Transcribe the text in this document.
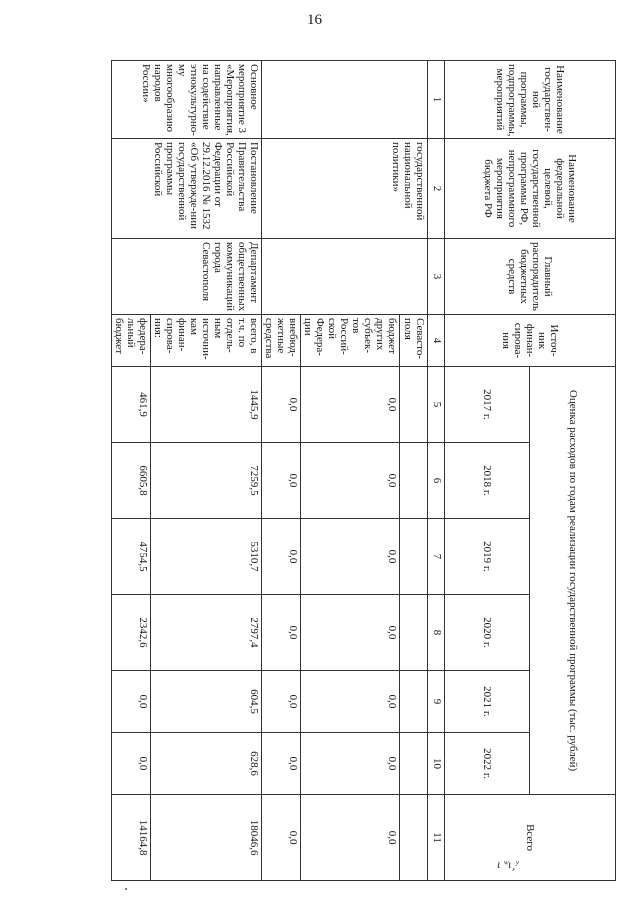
16
Наименование государствен-ной программы, подпрограммы, мероприятий	Наименование федеральной целевой, государственной программы РФ, непрограммного мероприятия бюджета РФ	Главный распорядитель бюджетных средств	Источ-ник финан-сирова-ния	Оценка расходов по годам реализации государственной программы (тыс. рублей)						Всего
				2017 г.	2018 г.	2019 г.	2020 г.	2021 г.	2022 г.	
1	2	3	4	5	6	7	8	9	10	11
	государственной национальной политики»		Севасто-поля							
			бюджет других субъек-тов Россий-ской Федера-ции	0,0	0,0	0,0	0,0	0,0	0,0	0,0
			внебюд-жетные средства	0,0	0,0	0,0	0,0	0,0	0,0	0,0
Основное мероприятие 3 «Мероприятия, направленные на содействие этнокультурно-му многообразию народов России»	Постановление Правительства Российской Федерации от 29.12.2016 № 1532 «Об утвержде-нии государственной программы Российской	Департамент общественных коммуникаций города Севастополя	всего, в т.ч. по отдель-ным источни-кам финан-сирова-ния:	1445,9	7259,5	5310,7	2797,4	604,5	628,6	18046,6
			федера-льный бюджет	461,9	6605,8	4754,5	2342,6	0,0	0,0	14164,8
ι ʷι¸ʸ
